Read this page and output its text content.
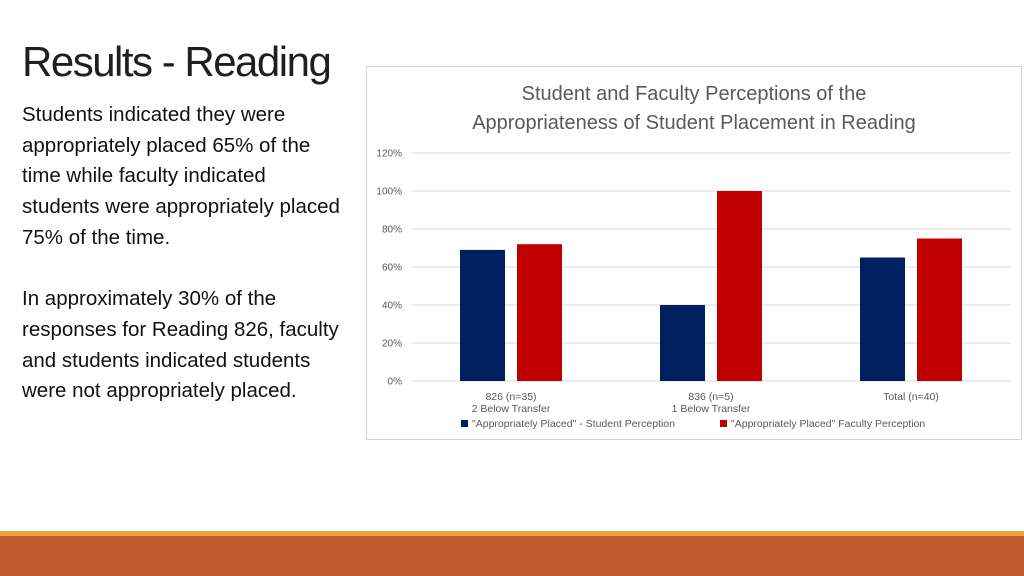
Results - Reading

Students indicated they were appropriately placed 65% of the time while faculty indicated students were appropriately placed 75% of the time.

In approximately 30% of the responses for Reading 826, faculty and students indicated students were not appropriately placed.

Student and Faculty Perceptions of the
Appropriateness of Student Placement in Reading
0%
20%
40%
60%
80%
100%
120%
826 (n=35)
2 Below Transfer
836 (n=5)
1 Below Transfer
Total (n=40)
"Appropriately Placed" - Student Perception	"Appropriately Placed" Faculty Perception
